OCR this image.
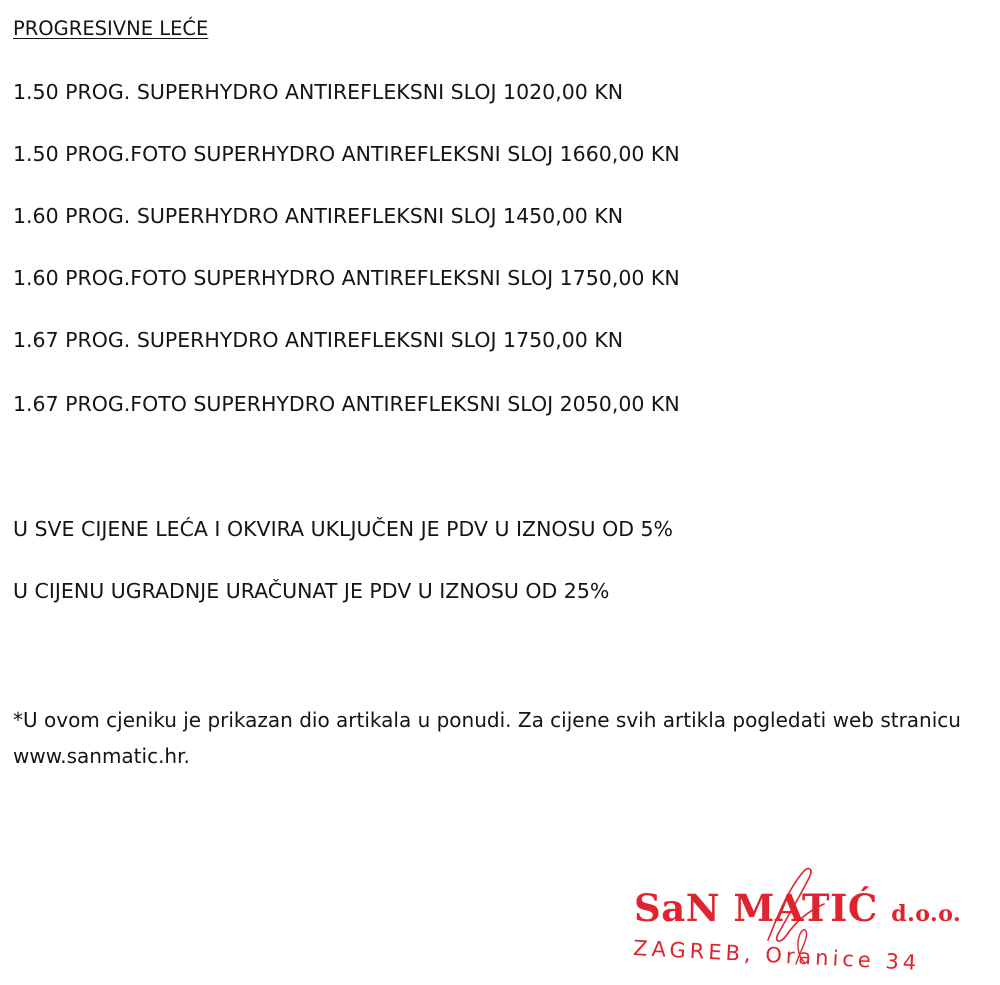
PROGRESIVNE LEĆE
1.50 PROG. SUPERHYDRO ANTIREFLEKSNI SLOJ 1020,00 KN
1.50 PROG.FOTO SUPERHYDRO ANTIREFLEKSNI SLOJ 1660,00 KN
1.60 PROG. SUPERHYDRO ANTIREFLEKSNI SLOJ 1450,00 KN
1.60 PROG.FOTO SUPERHYDRO ANTIREFLEKSNI SLOJ 1750,00 KN
1.67 PROG. SUPERHYDRO ANTIREFLEKSNI SLOJ 1750,00 KN
1.67 PROG.FOTO SUPERHYDRO ANTIREFLEKSNI SLOJ 2050,00 KN
U SVE CIJENE LEĆA I OKVIRA UKLJUČEN JE PDV U IZNOSU OD 5%
U CIJENU UGRADNJE URAČUNAT JE PDV U IZNOSU OD 25%
*U ovom cjeniku je prikazan dio artikala u ponudi. Za cijene svih artikla pogledati web stranicu www.sanmatic.hr.
SaN MATIĆ d.o.o.
ZAGREB, Oranice 34
